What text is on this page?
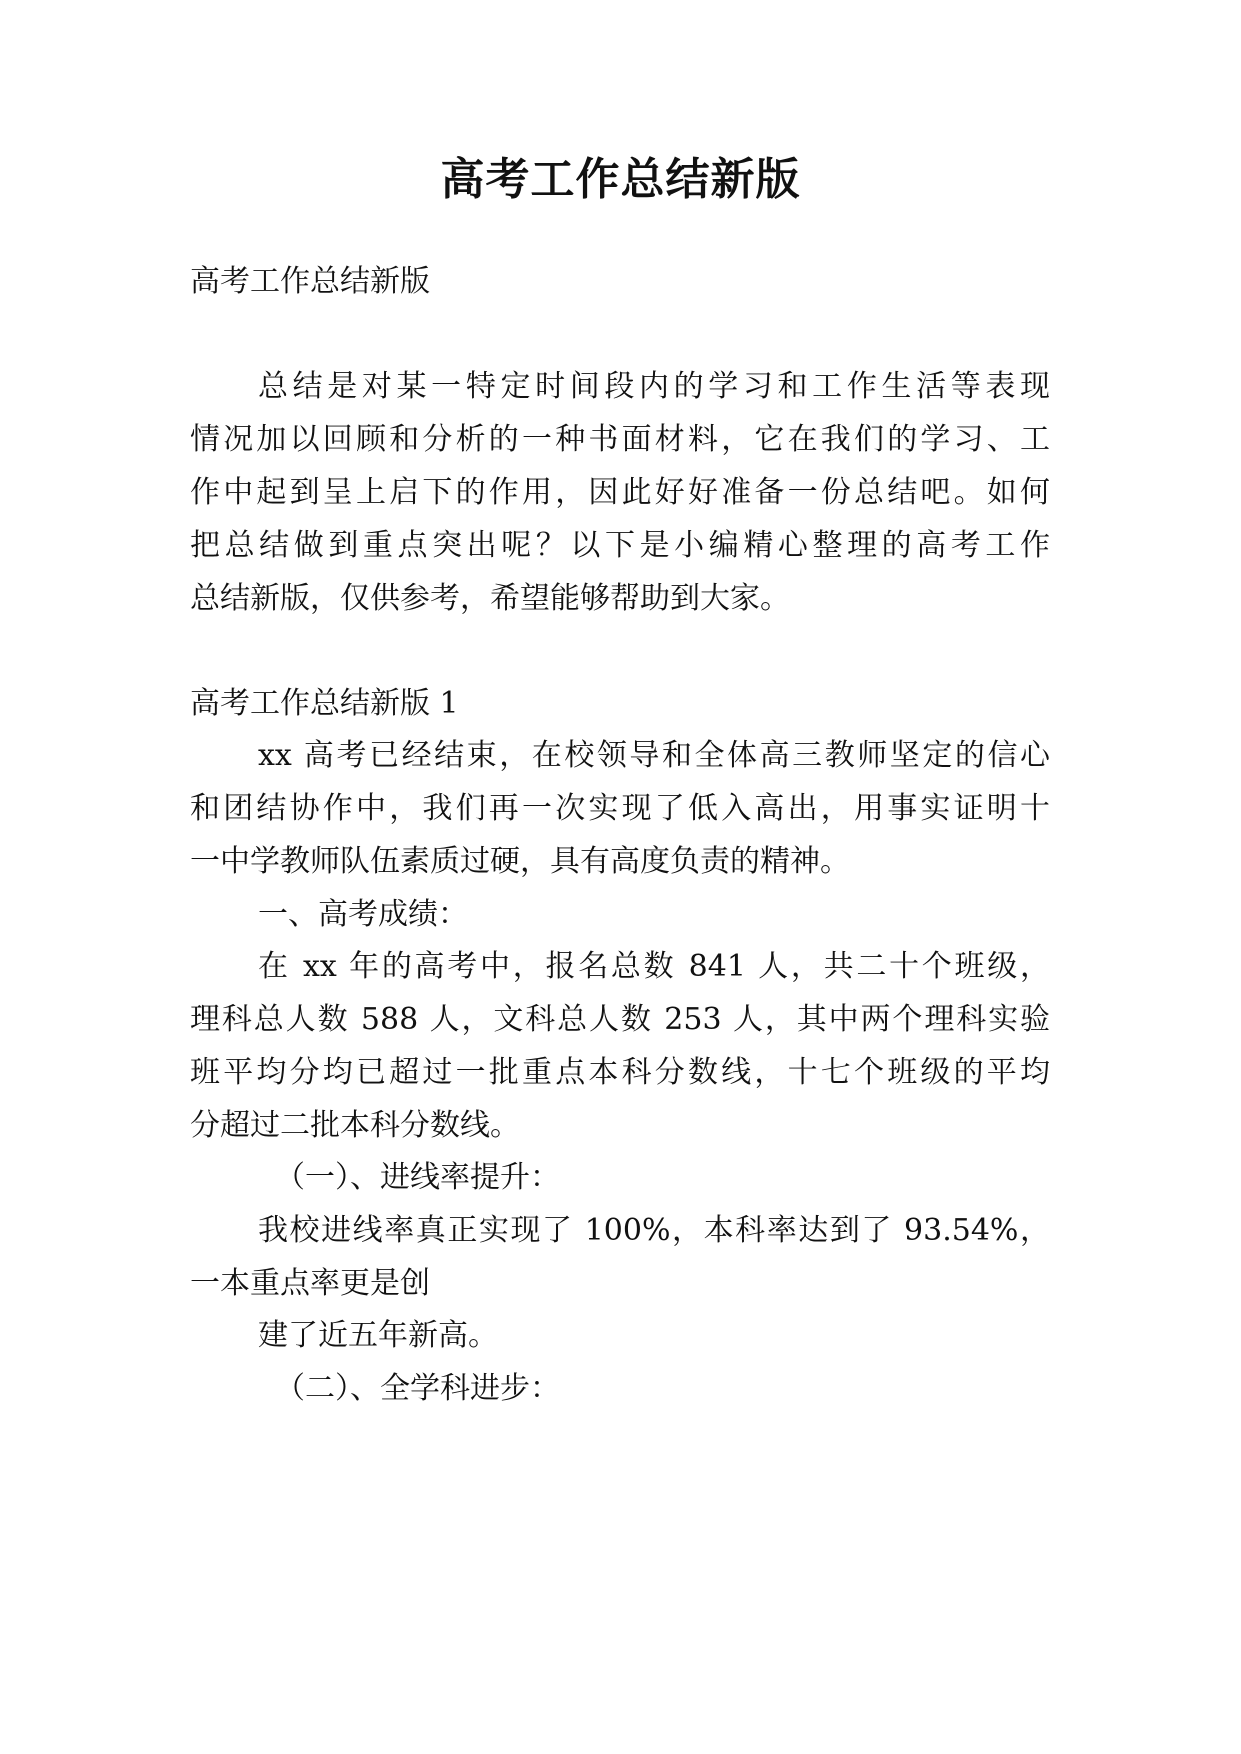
高考工作总结新版
高考工作总结新版
总结是对某一特定时间段内的学习和工作生活等表现
情况加以回顾和分析的一种书面材料，它在我们的学习、工
作中起到呈上启下的作用，因此好好准备一份总结吧。如何
把总结做到重点突出呢？以下是小编精心整理的高考工作
总结新版，仅供参考，希望能够帮助到大家。
高考工作总结新版 1
xx 高考已经结束，在校领导和全体高三教师坚定的信心
和团结协作中，我们再一次实现了低入高出，用事实证明十
一中学教师队伍素质过硬，具有高度负责的精神。
一、高考成绩：
在 xx 年的高考中，报名总数 841 人，共二十个班级，
理科总人数 588 人，文科总人数 253 人，其中两个理科实验
班平均分均已超过一批重点本科分数线，十七个班级的平均
分超过二批本科分数线。
（一）、进线率提升：
我校进线率真正实现了 100%，本科率达到了 93.54%，
一本重点率更是创
建了近五年新高。
（二）、全学科进步：
